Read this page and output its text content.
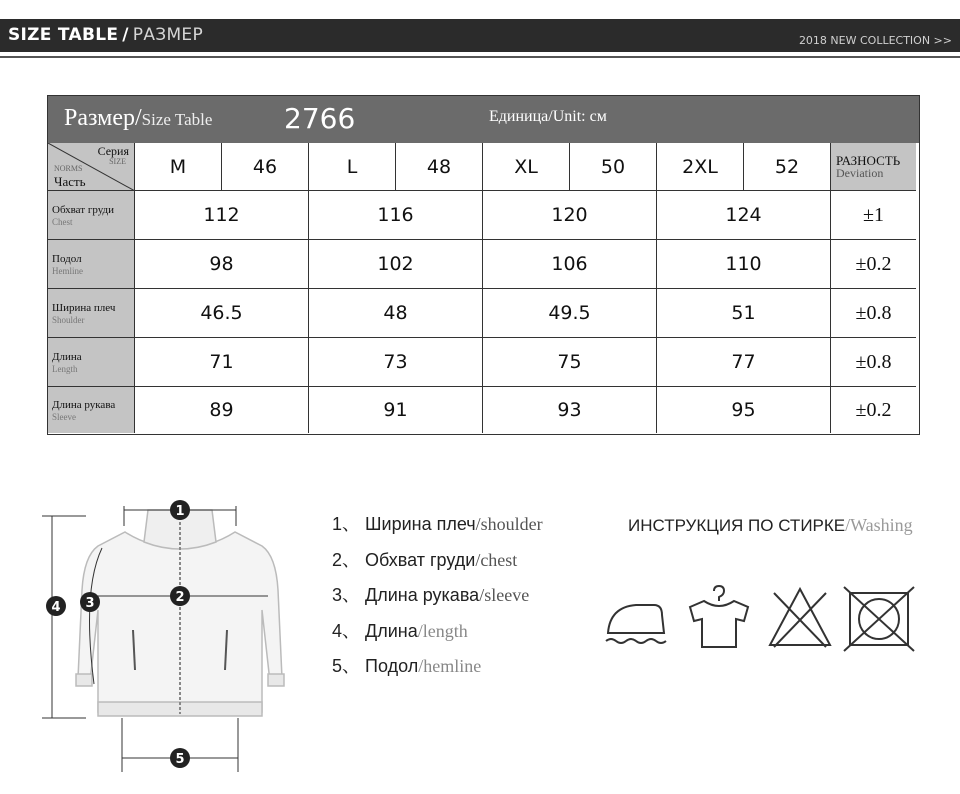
SIZE TABLE / РАЗМЕР	2018 NEW COLLECTION >>
Размер/Size Table	2766	Единица/Unit: см
Серия
SIZE
NORMS
Часть
M	46	L	48	XL	50	2XL	52	РАЗНОСТЬ
Deviation
Обхват груди
Chest	112	116	120	124	±1
Подол
Hemline	98	102	106	110	±0.2
Ширина плеч
Shoulder	46.5	48	49.5	51	±0.8
Длина
Length	71	73	75	77	±0.8
Длина рукава
Sleeve	89	91	93	95	±0.2
1
2
3
4
5
1、 Ширина плеч/shoulder
2、 Обхват груди/chest
3、 Длина рукава/sleeve
4、 Длина/length
5、 Подол/hemline
ИНСТРУКЦИЯ ПО СТИРКЕ/Washing
